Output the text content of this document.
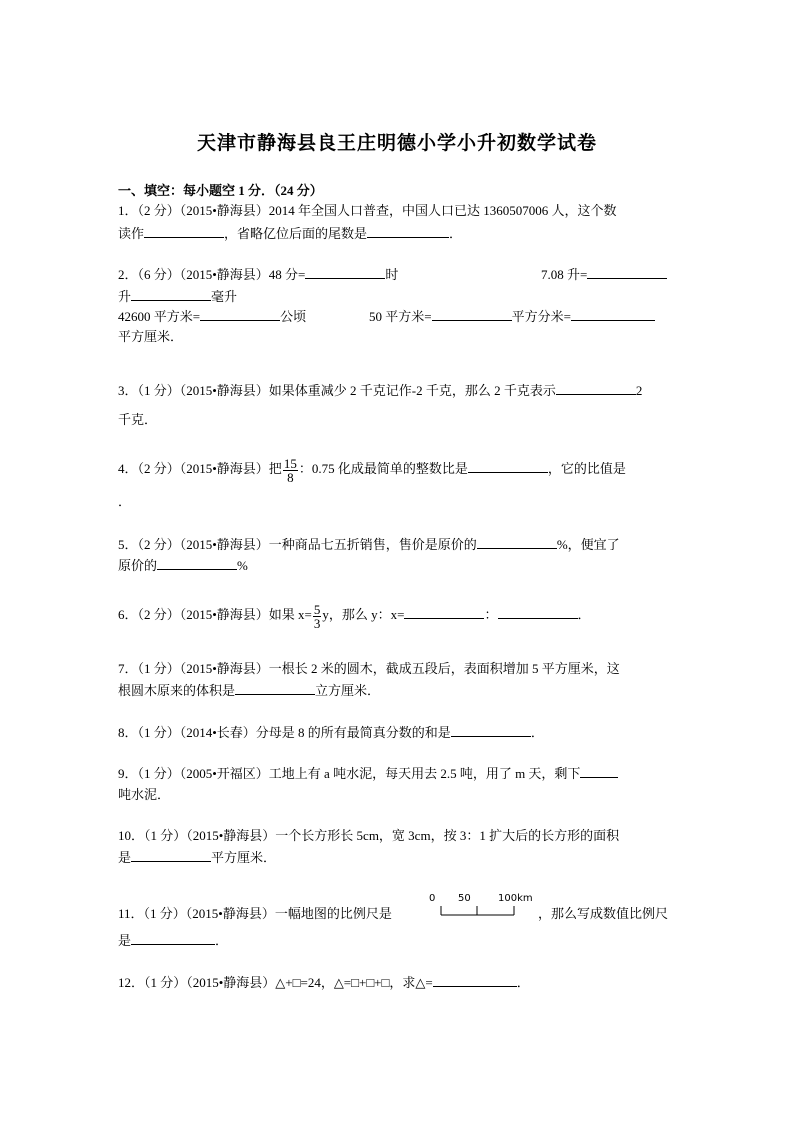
天津市静海县良王庄明德小学小升初数学试卷
一、填空：每小题空 1 分．（24 分）
1．（2 分）（2015•静海县）2014 年全国人口普查，中国人口已达 1360507006 人，这个数
读作	，省略亿位后面的尾数是	．
2．（6 分）（2015•静海县）48 分=	时	7.08 升=
升	毫升
42600 平方米=	公顷	50 平方米=	平方分米=
平方厘米．
3．（1 分）（2015•静海县）如果体重减少 2 千克记作-2 千克，那么 2 千克表示	2
千克．
4．（2 分）（2015•静海县）把 $\frac{15}{8}$ ：0.75 化成最简单的整数比是	，它的比值是
．
5．（2 分）（2015•静海县）一种商品七五折销售，售价是原价的	%，便宜了
原价的	%
6．（2 分）（2015•静海县）如果 $x= \frac{5}{3}$ y，那么 y：x=	：	．
7．（1 分）（2015•静海县）一根长 2 米的圆木，截成五段后，表面积增加 5 平方厘米，这
根圆木原来的体积是	立方厘米．
8．（1 分）（2014•长春）分母是 8 的所有最简真分数的和是	．
9．（1 分）（2005•开福区）工地上有 a 吨水泥，每天用去 2.5 吨，用了 m 天，剩下
吨水泥．
10．（1 分）（2015•静海县）一个长方形长 5cm，宽 3cm，按 3：1 扩大后的长方形的面积
是	平方厘米．
11．（1 分）（2015•静海县）一幅地图的比例尺是
0 50	100km
，那么写成数值比例尺
是	．
12．（1 分）（2015•静海县）△+□=24，△=□+□+□，求△=	．
